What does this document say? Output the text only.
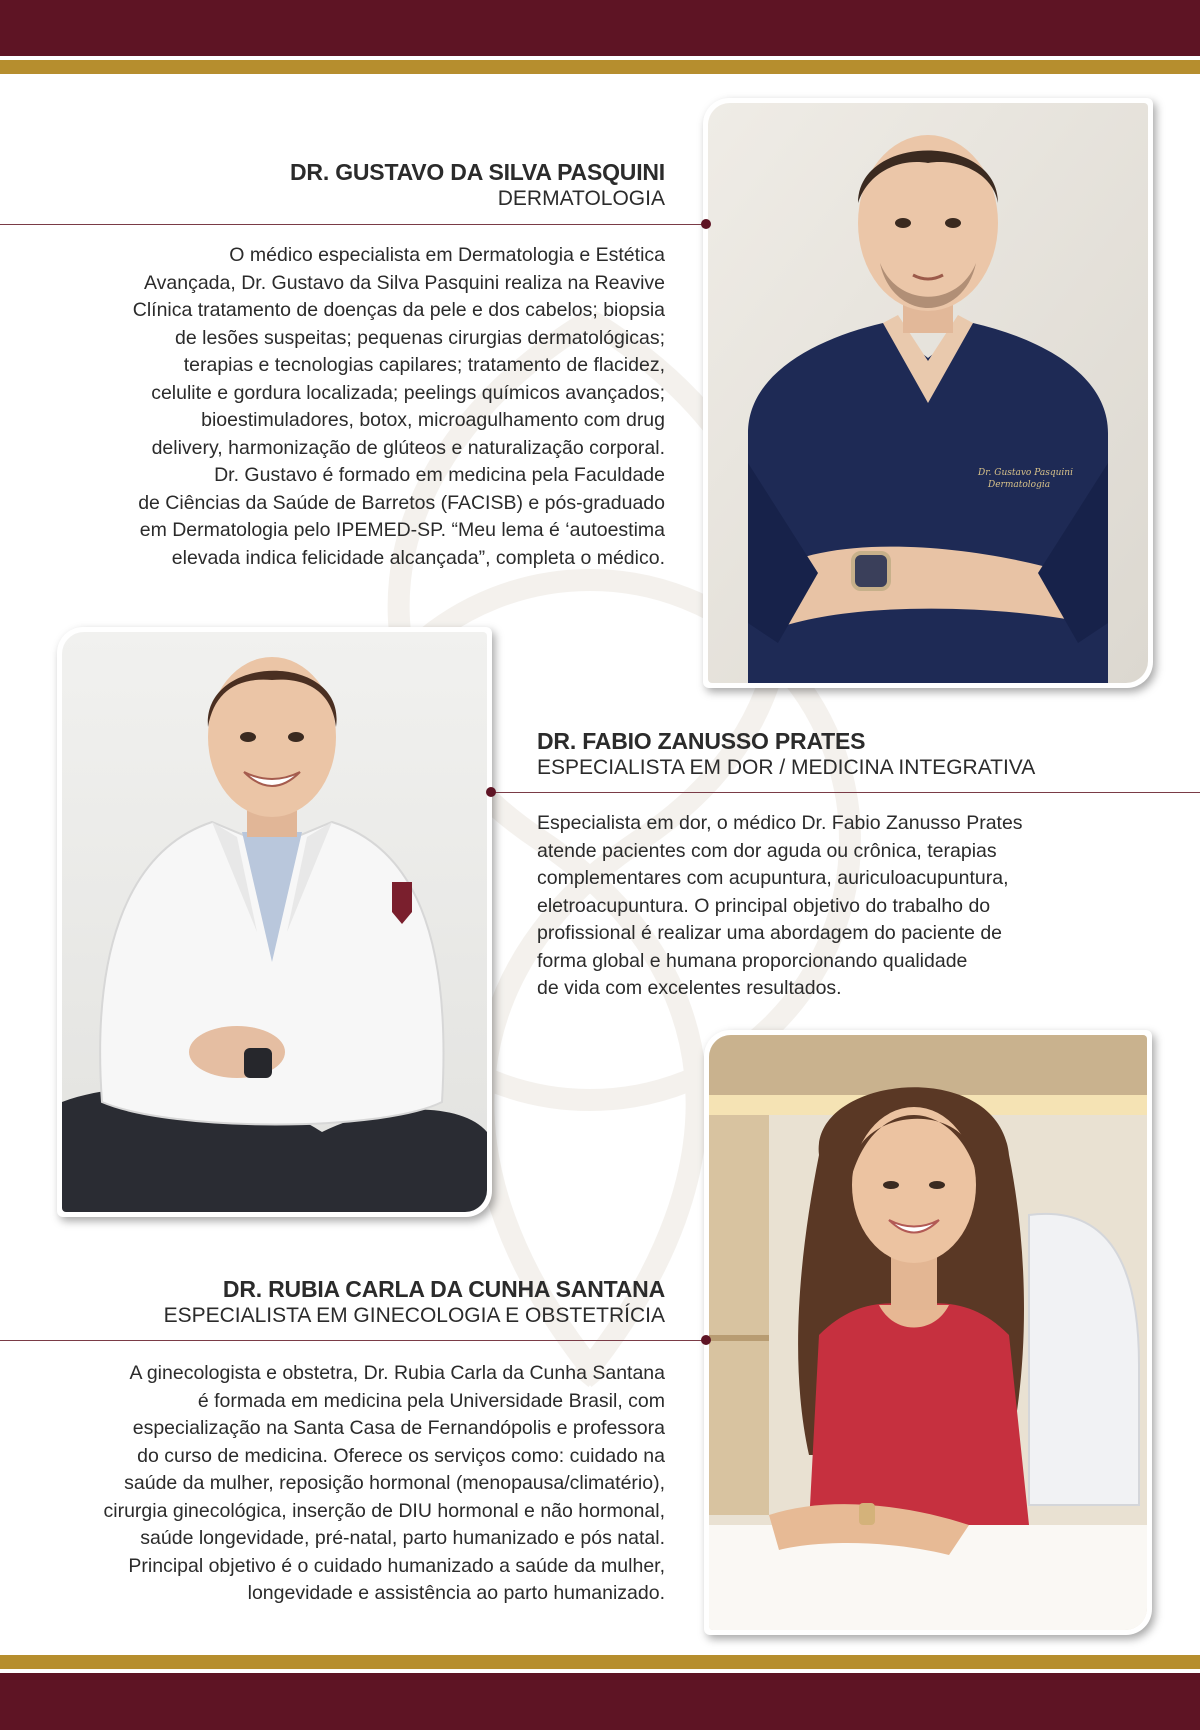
Dr. Gustavo Pasquini
Dermatologia
DR. GUSTAVO DA SILVA PASQUINI
DERMATOLOGIA
O médico especialista em Dermatologia e Estética
Avançada, Dr. Gustavo da Silva Pasquini realiza na Reavive
Clínica tratamento de doenças da pele e dos cabelos; biopsia
de lesões suspeitas; pequenas cirurgias dermatológicas;
terapias e tecnologias capilares; tratamento de flacidez,
celulite e gordura localizada; peelings químicos avançados;
bioestimuladores, botox, microagulhamento com drug
delivery, harmonização de glúteos e naturalização corporal.
Dr. Gustavo é formado em medicina pela Faculdade
de Ciências da Saúde de Barretos (FACISB) e pós-graduado
em Dermatologia pelo IPEMED-SP. “Meu lema é ‘autoestima
elevada indica felicidade alcançada”, completa o médico.
DR. FABIO ZANUSSO PRATES
ESPECIALISTA EM DOR / MEDICINA INTEGRATIVA
Especialista em dor, o médico Dr. Fabio Zanusso Prates
atende pacientes com dor aguda ou crônica, terapias
complementares com acupuntura, auriculoacupuntura,
eletroacupuntura. O principal objetivo do trabalho do
profissional é realizar uma abordagem do paciente de
forma global e humana proporcionando qualidade
de vida com excelentes resultados.
DR. RUBIA CARLA DA CUNHA SANTANA
ESPECIALISTA EM GINECOLOGIA E OBSTETRÍCIA
A ginecologista e obstetra, Dr. Rubia Carla da Cunha Santana
é formada em medicina pela Universidade Brasil, com
especialização na Santa Casa de Fernandópolis e professora
do curso de medicina. Oferece os serviços como: cuidado na
saúde da mulher, reposição hormonal (menopausa/climatério),
cirurgia ginecológica, inserção de DIU hormonal e não hormonal,
saúde longevidade, pré-natal, parto humanizado e pós natal.
Principal objetivo é o cuidado humanizado a saúde da mulher,
longevidade e assistência ao parto humanizado.
